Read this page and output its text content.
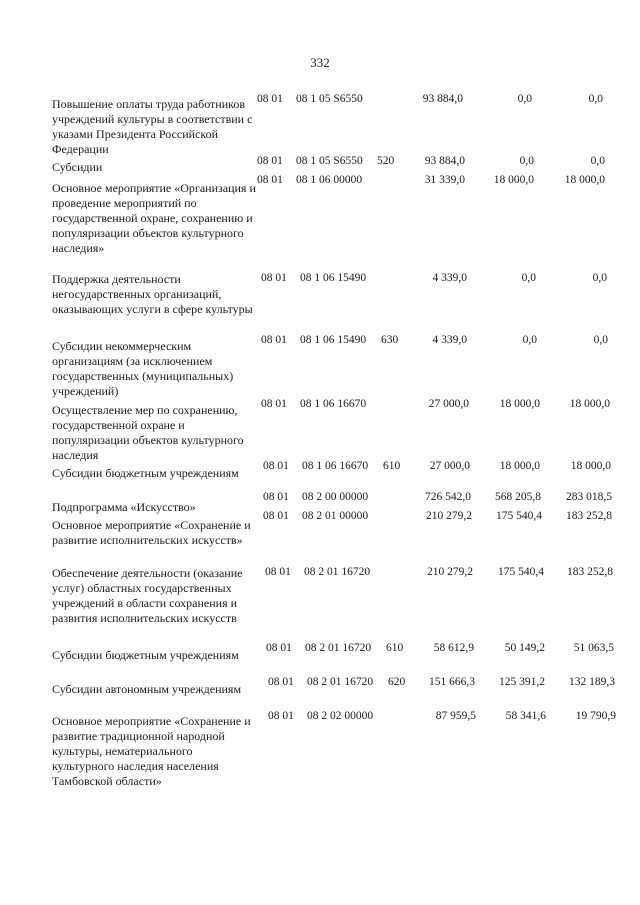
332
Повышение оплаты труда работников учреждений культуры в соответствии с указами Президента Российской Федерации
08 01 08 1 05 S6550	93 884,0	0,0	0,0
Субсидии	08 01 08 1 05 S6550 520	93 884,0	0,0	0,0
Основное мероприятие «Организация и проведение мероприятий по государственной охране, сохранению и популяризации объектов культурного наследия»
08 01 08 1 06 00000	31 339,0	18 000,0	18 000,0
Поддержка деятельности негосударственных организаций, оказывающих услуги в сфере культуры
08 01 08 1 06 15490	4 339,0	0,0	0,0
Субсидии некоммерческим организациям (за исключением государственных (муниципальных) учреждений)
08 01 08 1 06 15490 630	4 339,0	0,0	0,0
Осуществление мер по сохранению, государственной охране и популяризации объектов культурного наследия
08 01 08 1 06 16670	27 000,0	18 000,0	18 000,0
Субсидии бюджетным учреждениям	08 01 08 1 06 16670 610	27 000,0	18 000,0	18 000,0
Подпрограмма «Искусство»
08 01 08 2 00 00000	726 542,0	568 205,8	283 018,5
Основное мероприятие «Сохранение и развитие исполнительских искусств»
08 01 08 2 01 00000	210 279,2	175 540,4	183 252,8
Обеспечение деятельности (оказание услуг) областных государственных учреждений в области сохранения и развития исполнительских искусств
08 01 08 2 01 16720	210 279,2	175 540,4	183 252,8
Субсидии бюджетным учреждениям	08 01 08 2 01 16720 610	58 612,9	50 149,2	51 063,5
Субсидии автономным учреждениям	08 01 08 2 01 16720 620	151 666,3	125 391,2	132 189,3
Основное мероприятие «Сохранение и развитие традиционной народной культуры, нематериального культурного наследия населения Тамбовской области»
08 01 08 2 02 00000	87 959,5	58 341,6	19 790,9
